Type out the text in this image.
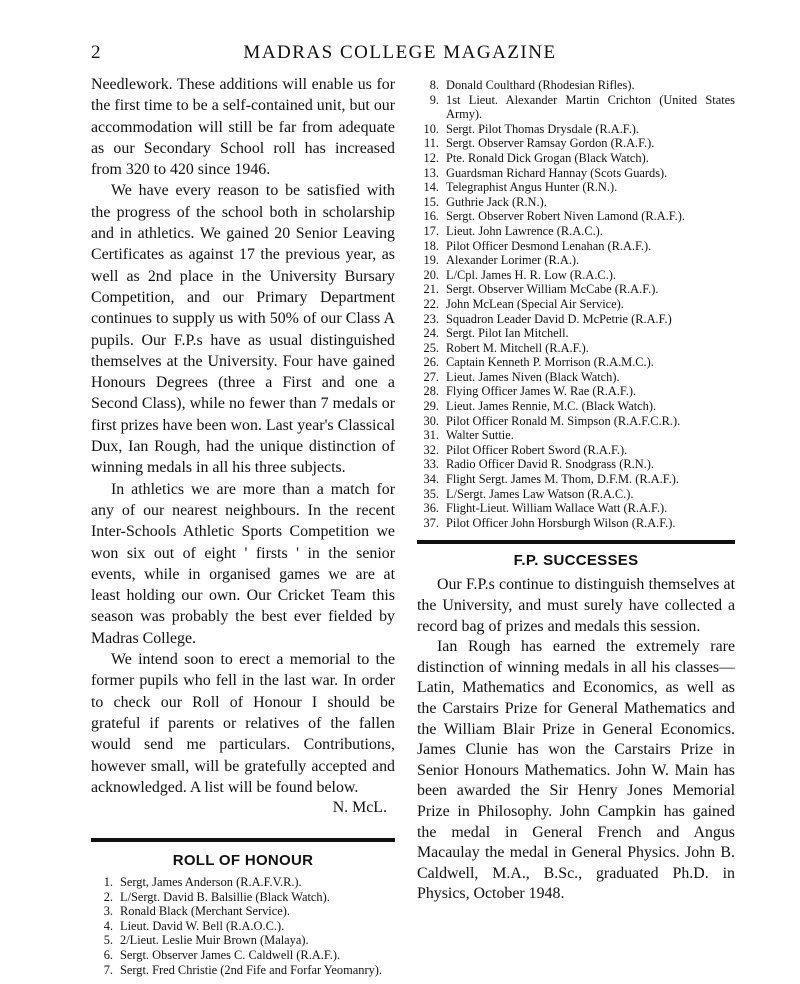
2	MADRAS COLLEGE MAGAZINE

Needlework. These additions will enable us for the first time to be a self-contained unit, but our accommodation will still be far from adequate as our Secondary School roll has increased from 320 to 420 since 1946.

We have every reason to be satisfied with the progress of the school both in scholarship and in athletics. We gained 20 Senior Leaving Certificates as against 17 the previous year, as well as 2nd place in the University Bursary Competition, and our Primary Department continues to supply us with 50% of our Class A pupils. Our F.P.s have as usual distinguished themselves at the University. Four have gained Honours Degrees (three a First and one a Second Class), while no fewer than 7 medals or first prizes have been won. Last year's Classical Dux, Ian Rough, had the unique distinction of winning medals in all his three subjects.

In athletics we are more than a match for any of our nearest neighbours. In the recent Inter-Schools Athletic Sports Competition we won six out of eight ' firsts ' in the senior events, while in organised games we are at least holding our own. Our Cricket Team this season was probably the best ever fielded by Madras College.

We intend soon to erect a memorial to the former pupils who fell in the last war. In order to check our Roll of Honour I should be grateful if parents or relatives of the fallen would send me particulars. Contributions, however small, will be gratefully accepted and acknowledged. A list will be found below.

N. McL.

ROLL OF HONOUR
1. Sergt, James Anderson (R.A.F.V.R.).
2. L/Sergt. David B. Balsillie (Black Watch).
3. Ronald Black (Merchant Service).
4. Lieut. David W. Bell (R.A.O.C.).
5. 2/Lieut. Leslie Muir Brown (Malaya).
6. Sergt. Observer James C. Caldwell (R.A.F.).
7. Sergt. Fred Christie (2nd Fife and Forfar Yeomanry).
8. Donald Coulthard (Rhodesian Rifles).
9. 1st Lieut. Alexander Martin Crichton (United States Army).
10. Sergt. Pilot Thomas Drysdale (R.A.F.).
11. Sergt. Observer Ramsay Gordon (R.A.F.).
12. Pte. Ronald Dick Grogan (Black Watch).
13. Guardsman Richard Hannay (Scots Guards).
14. Telegraphist Angus Hunter (R.N.).
15. Guthrie Jack (R.N.).
16. Sergt. Observer Robert Niven Lamond (R.A.F.).
17. Lieut. John Lawrence (R.A.C.).
18. Pilot Officer Desmond Lenahan (R.A.F.).
19. Alexander Lorimer (R.A.).
20. L/Cpl. James H. R. Low (R.A.C.).
21. Sergt. Observer William McCabe (R.A.F.).
22. John McLean (Special Air Service).
23. Squadron Leader David D. McPetrie (R.A.F.)
24. Sergt. Pilot Ian Mitchell.
25. Robert M. Mitchell (R.A.F.).
26. Captain Kenneth P. Morrison (R.A.M.C.).
27. Lieut. James Niven (Black Watch).
28. Flying Officer James W. Rae (R.A.F.).
29. Lieut. James Rennie, M.C. (Black Watch).
30. Pilot Officer Ronald M. Simpson (R.A.F.C.R.).
31. Walter Suttie.
32. Pilot Officer Robert Sword (R.A.F.).
33. Radio Officer David R. Snodgrass (R.N.).
34. Flight Sergt. James M. Thom, D.F.M. (R.A.F.).
35. L/Sergt. James Law Watson (R.A.C.).
36. Flight-Lieut. William Wallace Watt (R.A.F.).
37. Pilot Officer John Horsburgh Wilson (R.A.F.).
F.P. SUCCESSES

Our F.P.s continue to distinguish themselves at the University, and must surely have collected a record bag of prizes and medals this session.

Ian Rough has earned the extremely rare distinction of winning medals in all his classes—Latin, Mathematics and Economics, as well as the Carstairs Prize for General Mathematics and the William Blair Prize in General Economics. James Clunie has won the Carstairs Prize in Senior Honours Mathematics. John W. Main has been awarded the Sir Henry Jones Memorial Prize in Philosophy. John Campkin has gained the medal in General French and Angus Macaulay the medal in General Physics. John B. Caldwell, M.A., B.Sc., graduated Ph.D. in Physics, October 1948.
